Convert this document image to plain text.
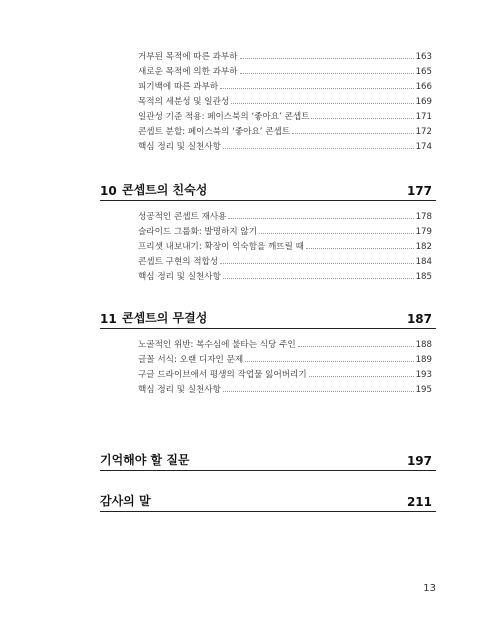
거부된 목적에 따른 과부하	163
새로운 목적에 의한 과부하	165
피기백에 따른 과부하	166
목적의 세분성 및 일관성	169
일관성 기준 적용: 페이스북의 ‘좋아요’ 콘셉트	171
콘셉트 분할: 페이스북의 ‘좋아요’ 콘셉트	172
핵심 정리 및 실천사항	174
10 콘셉트의 친숙성	177
성공적인 콘셉트 재사용	178
슬라이드 그룹화: 발명하지 않기	179
프리셋 내보내기: 확장이 익숙함을 깨뜨릴 때	182
콘셉트 구현의 적합성	184
핵심 정리 및 실천사항	185
11 콘셉트의 무결성	187
노골적인 위반: 복수심에 불타는 식당 주인	188
글꼴 서식: 오랜 디자인 문제	189
구글 드라이브에서 평생의 작업물 잃어버리기	193
핵심 정리 및 실천사항	195
기억해야 할 질문	197
감사의 말	211
13
